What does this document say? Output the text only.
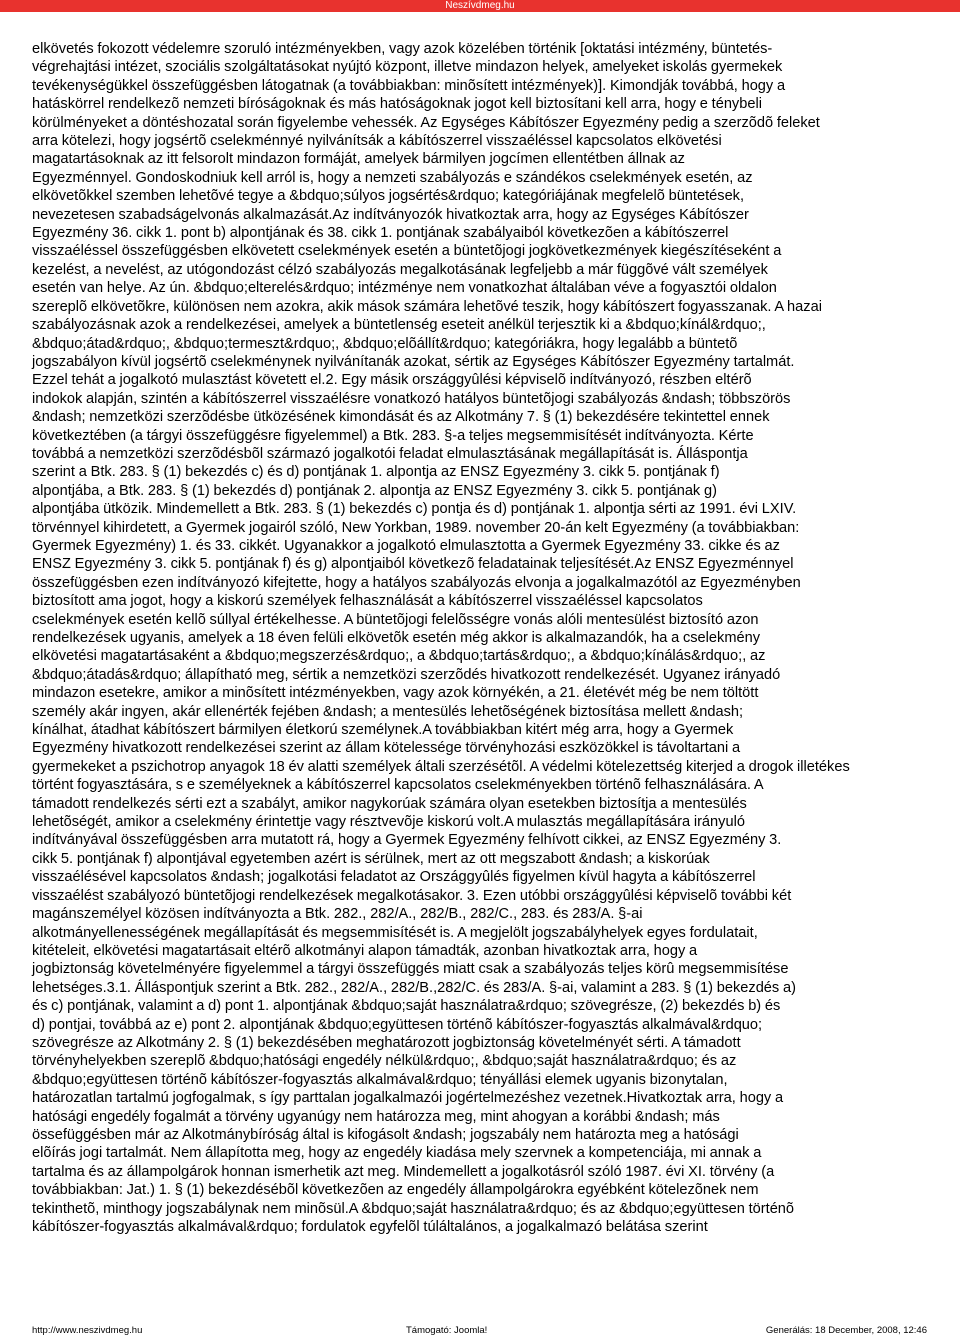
Neszívdmeg.hu
elkövetés fokozott védelemre szoruló intézményekben, vagy azok közelében történik [oktatási intézmény, büntetés-
végrehajtási intézet, szociális szolgáltatásokat nyújtó központ, illetve mindazon helyek, amelyeket iskolás gyermekek
tevékenységükkel összefüggésben látogatnak (a továbbiakban: minõsített intézmények)]. Kimondják továbbá, hogy a
hatáskörrel rendelkezõ nemzeti bíróságoknak és más hatóságoknak jogot kell biztosítani kell arra, hogy e ténybeli
körülményeket a döntéshozatal során figyelembe vehessék. Az Egységes Kábítószer Egyezmény pedig a szerzõdõ feleket
arra kötelezi, hogy jogsértõ cselekménnyé nyilvánítsák a kábítószerrel visszaéléssel kapcsolatos elkövetési
magatartásoknak az itt felsorolt mindazon formáját, amelyek bármilyen jogcímen ellentétben állnak az
Egyezménnyel. Gondoskodniuk kell arról is, hogy a nemzeti szabályozás e szándékos cselekmények esetén, az
elkövetõkkel szemben lehetõvé tegye a &bdquo;súlyos jogsértés&rdquo; kategóriájának megfelelõ büntetések,
nevezetesen szabadságelvonás alkalmazását.Az indítványozók hivatkoztak arra, hogy az Egységes Kábítószer
Egyezmény 36. cikk 1. pont b) alpontjának és 38. cikk 1. pontjának szabályaiból következõen a kábítószerrel
visszaéléssel összefüggésben elkövetett cselekmények esetén a büntetõjogi jogkövetkezmények kiegészítéseként a
kezelést, a nevelést, az utógondozást célzó szabályozás megalkotásának legfeljebb a már függõvé vált személyek
esetén van helye. Az ún. &bdquo;elterelés&rdquo; intézménye nem vonatkozhat általában véve a fogyasztói oldalon
szereplõ elkövetõkre, különösen nem azokra, akik mások számára lehetõvé teszik, hogy kábítószert fogyasszanak. A hazai
szabályozásnak azok a rendelkezései, amelyek a büntetlenség eseteit anélkül terjesztik ki a &bdquo;kínál&rdquo;,
&bdquo;átad&rdquo;, &bdquo;termeszt&rdquo;, &bdquo;elõállít&rdquo; kategóriákra, hogy legalább a büntetõ
jogszabályon kívül jogsértõ cselekménynek nyilvánítanák azokat, sértik az Egységes Kábítószer Egyezmény tartalmát.
Ezzel tehát a jogalkotó mulasztást követett el.2. Egy másik országgyûlési képviselõ indítványozó, részben eltérõ
indokok alapján, szintén a kábítószerrel visszaélésre vonatkozó hatályos büntetõjogi szabályozás &ndash; többszörös
&ndash; nemzetközi szerzõdésbe ütközésének kimondását és az Alkotmány 7. § (1) bekezdésére tekintettel ennek
következtében (a tárgyi összefüggésre figyelemmel) a Btk. 283. §-a teljes megsemmisítését indítványozta. Kérte
továbbá a nemzetközi szerzõdésbõl származó jogalkotói feladat elmulasztásának megállapítását is. Álláspontja
szerint a Btk. 283. § (1) bekezdés c) és d) pontjának 1. alpontja az ENSZ Egyezmény 3. cikk 5. pontjának f)
alpontjába, a Btk. 283. § (1) bekezdés d) pontjának 2. alpontja az ENSZ Egyezmény 3. cikk 5. pontjának g)
alpontjába ütközik. Mindemellett a Btk. 283. § (1) bekezdés c) pontja és d) pontjának 1. alpontja sérti az 1991. évi LXIV.
törvénnyel kihirdetett, a Gyermek jogairól szóló, New Yorkban, 1989. november 20-án kelt Egyezmény (a továbbiakban:
Gyermek Egyezmény) 1. és 33. cikkét. Ugyanakkor a jogalkotó elmulasztotta a Gyermek Egyezmény 33. cikke és az
ENSZ Egyezmény 3. cikk 5. pontjának f) és g) alpontjaiból következõ feladatainak teljesítését.Az ENSZ Egyezménnyel
összefüggésben ezen indítványozó kifejtette, hogy a hatályos szabályozás elvonja a jogalkalmazótól az Egyezményben
biztosított ama jogot, hogy a kiskorú személyek felhasználását a kábítószerrel visszaéléssel kapcsolatos
cselekmények esetén kellõ súllyal értékelhesse. A büntetõjogi felelõsségre vonás alóli mentesülést biztosító azon
rendelkezések ugyanis, amelyek a 18 éven felüli elkövetõk esetén még akkor is alkalmazandók, ha a cselekmény
elkövetési magatartásaként a &bdquo;megszerzés&rdquo;, a &bdquo;tartás&rdquo;, a &bdquo;kínálás&rdquo;, az
&bdquo;átadás&rdquo; állapítható meg, sértik a nemzetközi szerzõdés hivatkozott rendelkezését. Ugyanez irányadó
mindazon esetekre, amikor a minõsített intézményekben, vagy azok környékén, a 21. életévét még be nem töltött
személy akár ingyen, akár ellenérték fejében &ndash; a mentesülés lehetõségének biztosítása mellett &ndash;
kínálhat, átadhat kábítószert bármilyen életkorú személynek.A továbbiakban kitért még arra, hogy a Gyermek
Egyezmény hivatkozott rendelkezései szerint az állam kötelessége törvényhozási eszközökkel is távoltartani a
gyermekeket a pszichotrop anyagok 18 év alatti személyek általi szerzésétõl. A védelmi kötelezettség kiterjed a drogok illetékes
történt fogyasztására, s e személyeknek a kábítószerrel kapcsolatos cselekményekben történõ felhasználására. A
támadott rendelkezés sérti ezt a szabályt, amikor nagykorúak számára olyan esetekben biztosítja a mentesülés
lehetõségét, amikor a cselekmény érintettje vagy résztvevõje kiskorú volt.A mulasztás megállapítására irányuló
indítványával összefüggésben arra mutatott rá, hogy a Gyermek Egyezmény felhívott cikkei, az ENSZ Egyezmény 3.
cikk 5. pontjának f) alpontjával egyetemben azért is sérülnek, mert az ott megszabott &ndash; a kiskorúak
visszaélésével kapcsolatos &ndash; jogalkotási feladatot az Országgyûlés figyelmen kívül hagyta a kábítószerrel
visszaélést szabályozó büntetõjogi rendelkezések megalkotásakor. 3. Ezen utóbbi országgyûlési képviselõ további két
magánszemélyel közösen indítványozta a Btk. 282., 282/A., 282/B., 282/C., 283. és 283/A. §-ai
alkotmányellenességének megállapítását és megsemmisítését is. A megjelölt jogszabályhelyek egyes fordulatait,
kitételeit, elkövetési magatartásait eltérõ alkotmányi alapon támadták, azonban hivatkoztak arra, hogy a
jogbiztonság követelményére figyelemmel a tárgyi összefüggés miatt csak a szabályozás teljes körû megsemmisítése
lehetséges.3.1. Álláspontjuk szerint a Btk. 282., 282/A., 282/B.,282/C. és 283/A. §-ai, valamint a 283. § (1) bekezdés a)
és c) pontjának, valamint a d) pont 1. alpontjának &bdquo;saját használatra&rdquo; szövegrésze, (2) bekezdés b) és
d) pontjai, továbbá az e) pont 2. alpontjának &bdquo;együttesen történõ kábítószer-fogyasztás alkalmával&rdquo;
szövegrésze az Alkotmány 2. § (1) bekezdésében meghatározott jogbiztonság követelményét sérti. A támadott
törvényhelyekben szereplõ &bdquo;hatósági engedély nélkül&rdquo;, &bdquo;saját használatra&rdquo; és az
&bdquo;együttesen történõ kábítószer-fogyasztás alkalmával&rdquo; tényállási elemek ugyanis bizonytalan,
határozatlan tartalmú jogfogalmak, s így parttalan jogalkalmazói jogértelmezéshez vezetnek.Hivatkoztak arra, hogy a
hatósági engedély fogalmát a törvény ugyanúgy nem határozza meg, mint ahogyan a korábbi &ndash; más
össefüggésben már az Alkotmánybíróság által is kifogásolt &ndash; jogszabály nem határozta meg a hatósági
elõírás jogi tartalmát. Nem állapította meg, hogy az engedély kiadása mely szervnek a kompetenciája, mi annak a
tartalma és az állampolgárok honnan ismerhetik azt meg. Mindemellett a jogalkotásról szóló 1987. évi XI. törvény (a
továbbiakban: Jat.) 1. § (1) bekezdésébõl következõen az engedély állampolgárokra egyébként kötelezõnek nem
tekinthetõ, minthogy jogszabálynak nem minõsül.A &bdquo;saját használatra&rdquo; és az &bdquo;együttesen történõ
kábítószer-fogyasztás alkalmával&rdquo; fordulatok egyfelõl túláltalános, a jogalkalmazó belátása szerint
http://www.neszivdmeg.hu	Támogató: Joomla!	Generálás: 18 December, 2008, 12:46
